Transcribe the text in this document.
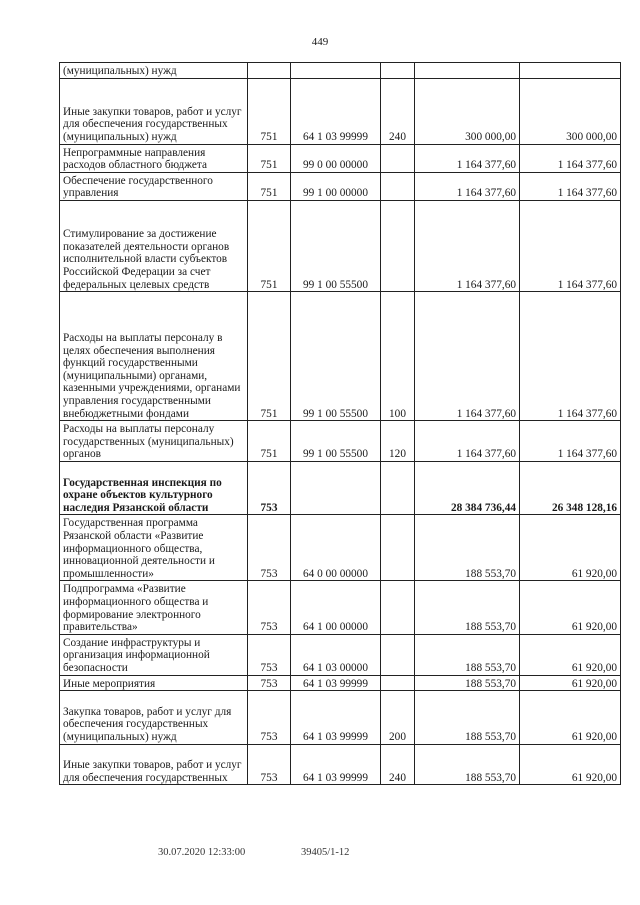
449
(муниципальных) нужд					
Иные закупки товаров, работ и услуг для обеспечения государственных (муниципальных) нужд	751	64 1 03 99999	240	300 000,00	300 000,00
Непрограммные направления расходов областного бюджета	751	99 0 00 00000		1 164 377,60	1 164 377,60
Обеспечение государственного управления	751	99 1 00 00000		1 164 377,60	1 164 377,60
Стимулирование за достижение показателей деятельности органов исполнительной власти субъектов Российской Федерации за счет федеральных целевых средств	751	99 1 00 55500		1 164 377,60	1 164 377,60
Расходы на выплаты персоналу в целях обеспечения выполнения функций государственными (муниципальными) органами, казенными учреждениями, органами управления государственными внебюджетными фондами	751	99 1 00 55500	100	1 164 377,60	1 164 377,60
Расходы на выплаты персоналу государственных (муниципальных) органов	751	99 1 00 55500	120	1 164 377,60	1 164 377,60
Государственная инспекция по охране объектов культурного наследия Рязанской области	753			28 384 736,44	26 348 128,16
Государственная программа Рязанской области «Развитие информационного общества, инновационной деятельности и промышленности»	753	64 0 00 00000		188 553,70	61 920,00
Подпрограмма «Развитие информационного общества и формирование электронного правительства»	753	64 1 00 00000		188 553,70	61 920,00
Создание инфраструктуры и организация информационной безопасности	753	64 1 03 00000		188 553,70	61 920,00
Иные мероприятия	753	64 1 03 99999		188 553,70	61 920,00
Закупка товаров, работ и услуг для обеспечения государственных (муниципальных) нужд	753	64 1 03 99999	200	188 553,70	61 920,00
Иные закупки товаров, работ и услуг для обеспечения государственных	753	64 1 03 99999	240	188 553,70	61 920,00
30.07.2020 12:33:00	39405/1-12
